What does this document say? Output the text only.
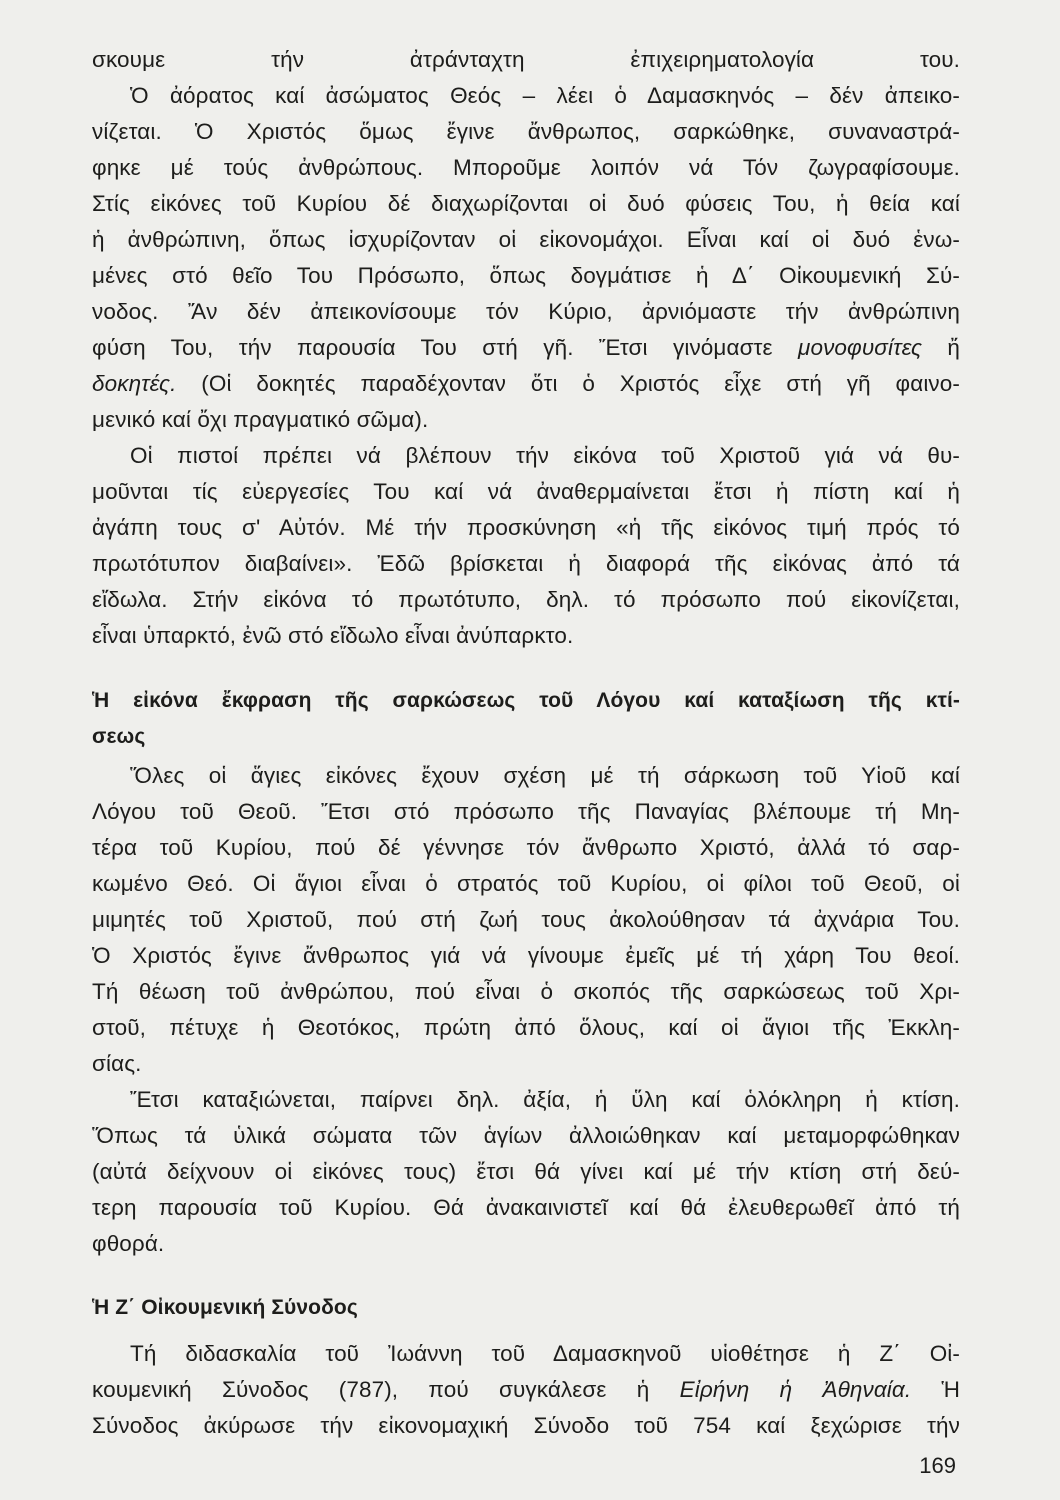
σκουμε τήν ἀτράνταχτη ἐπιχειρηματολογία του.
Ὁ ἀόρατος καί ἀσώματος Θεός – λέει ὁ Δαμασκηνός – δέν ἀπεικο-
νίζεται. Ὁ Χριστός ὅμως ἔγινε ἄνθρωπος, σαρκώθηκε, συναναστρά-
φηκε μέ τούς ἀνθρώπους. Μποροῦμε λοιπόν νά Τόν ζωγραφίσουμε.
Στίς εἰκόνες τοῦ Κυρίου δέ διαχωρίζονται οἱ δυό φύσεις Του, ἡ θεία καί
ἡ ἀνθρώπινη, ὅπως ἰσχυρίζονταν οἱ εἰκονομάχοι. Εἶναι καί οἱ δυό ἑνω-
μένες στό θεῖο Του Πρόσωπο, ὅπως δογμάτισε ἡ Δ΄ Οἰκουμενική Σύ-
νοδος. Ἄν δέν ἀπεικονίσουμε τόν Κύριο, ἀρνιόμαστε τήν ἀνθρώπινη
φύση Του, τήν παρουσία Του στή γῆ. Ἔτσι γινόμαστε μονοφυσίτες ἤ
δοκητές. (Οἱ δοκητές παραδέχονταν ὅτι ὁ Χριστός εἶχε στή γῆ φαινο-
μενικό καί ὄχι πραγματικό σῶμα).
Οἱ πιστοί πρέπει νά βλέπουν τήν εἰκόνα τοῦ Χριστοῦ γιά νά θυ-
μοῦνται τίς εὐεργεσίες Του καί νά ἀναθερμαίνεται ἔτσι ἡ πίστη καί ἡ
ἀγάπη τους σ' Αὐτόν. Μέ τήν προσκύνηση «ἡ τῆς εἰκόνος τιμή πρός τό
πρωτότυπον διαβαίνει». Ἐδῶ βρίσκεται ἡ διαφορά τῆς εἰκόνας ἀπό τά
εἴδωλα. Στήν εἰκόνα τό πρωτότυπο, δηλ. τό πρόσωπο πού εἰκονίζεται,
εἶναι ὑπαρκτό, ἐνῶ στό εἴδωλο εἶναι ἀνύπαρκτο.
Ἡ εἰκόνα ἔκφραση τῆς σαρκώσεως τοῦ Λόγου καί καταξίωση τῆς κτί-
σεως
Ὅλες οἱ ἅγιες εἰκόνες ἔχουν σχέση μέ τή σάρκωση τοῦ Υἱοῦ καί
Λόγου τοῦ Θεοῦ. Ἔτσι στό πρόσωπο τῆς Παναγίας βλέπουμε τή Μη-
τέρα τοῦ Κυρίου, πού δέ γέννησε τόν ἄνθρωπο Χριστό, ἀλλά τό σαρ-
κωμένο Θεό. Οἱ ἅγιοι εἶναι ὁ στρατός τοῦ Κυρίου, οἱ φίλοι τοῦ Θεοῦ, οἱ
μιμητές τοῦ Χριστοῦ, πού στή ζωή τους ἀκολούθησαν τά ἀχνάρια Του.
Ὁ Χριστός ἔγινε ἄνθρωπος γιά νά γίνουμε ἐμεῖς μέ τή χάρη Του θεοί.
Τή θέωση τοῦ ἀνθρώπου, πού εἶναι ὁ σκοπός τῆς σαρκώσεως τοῦ Χρι-
στοῦ, πέτυχε ἡ Θεοτόκος, πρώτη ἀπό ὅλους, καί οἱ ἅγιοι τῆς Ἐκκλη-
σίας.
Ἔτσι καταξιώνεται, παίρνει δηλ. ἀξία, ἡ ὕλη καί ὁλόκληρη ἡ κτίση.
Ὅπως τά ὑλικά σώματα τῶν ἁγίων ἀλλοιώθηκαν καί μεταμορφώθηκαν
(αὐτά δείχνουν οἱ εἰκόνες τους) ἔτσι θά γίνει καί μέ τήν κτίση στή δεύ-
τερη παρουσία τοῦ Κυρίου. Θά ἀνακαινιστεῖ καί θά ἐλευθερωθεῖ ἀπό τή
φθορά.
Ἡ Ζ΄ Οἰκουμενική Σύνοδος
Τή διδασκαλία τοῦ Ἰωάννη τοῦ Δαμασκηνοῦ υἱοθέτησε ἡ Ζ΄ Οἰ-
κουμενική Σύνοδος (787), πού συγκάλεσε ἡ Εἰρήνη ἡ Ἀθηναία. Ἡ
Σύνοδος ἀκύρωσε τήν εἰκονομαχική Σύνοδο τοῦ 754 καί ξεχώρισε τήν
169
